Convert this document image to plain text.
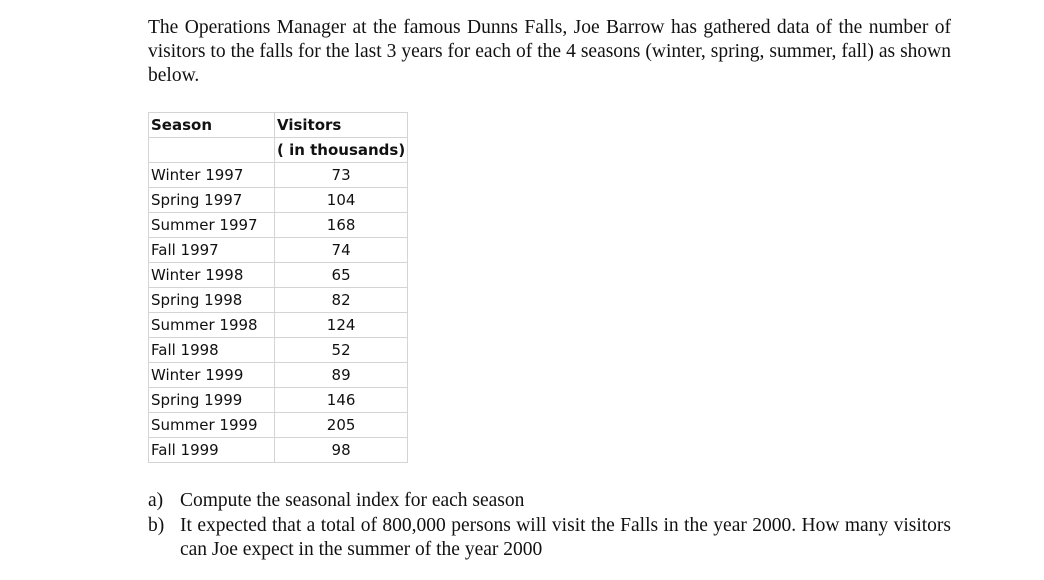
The Operations Manager at the famous Dunns Falls, Joe Barrow has gathered data of the number of visitors to the falls for the last 3 years for each of the 4 seasons (winter, spring, summer, fall) as shown below.

Season	Visitors
	( in thousands)
Winter 1997	73
Spring 1997	104
Summer 1997	168
Fall 1997	74
Winter 1998	65
Spring 1998	82
Summer 1998	124
Fall 1998	52
Winter 1999	89
Spring 1999	146
Summer 1999	205
Fall 1999	98
a) Compute the seasonal index for each season
b) It expected that a total of 800,000 persons will visit the Falls in the year 2000. How many visitors can Joe expect in the summer of the year 2000
